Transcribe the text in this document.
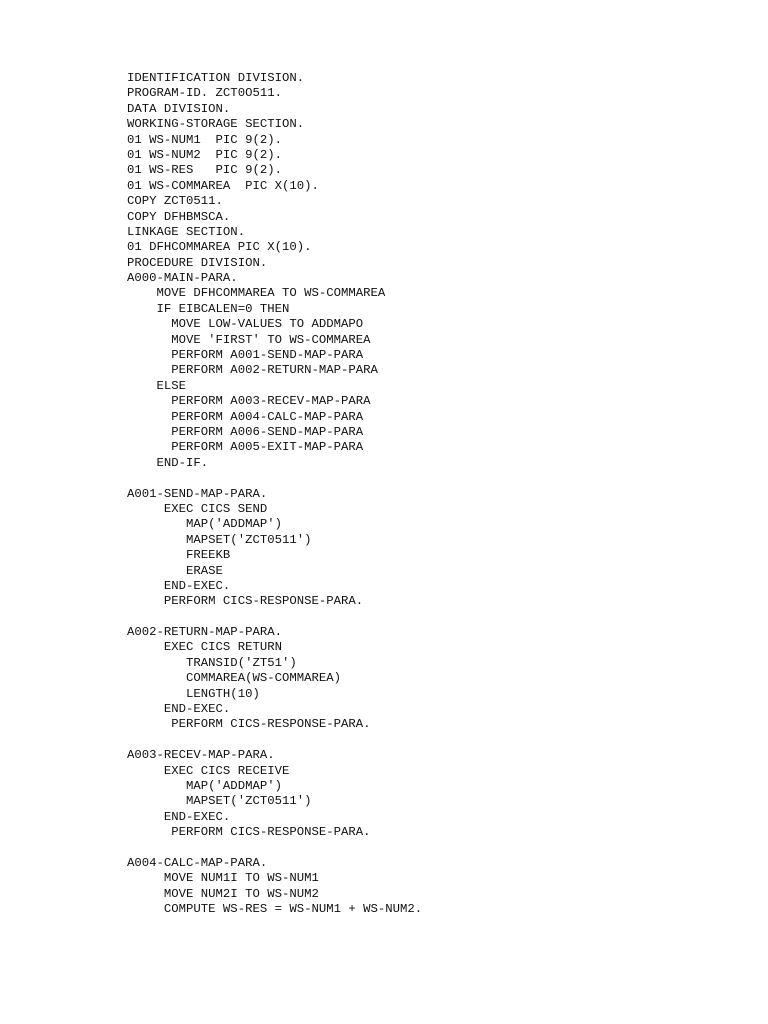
IDENTIFICATION DIVISION.
PROGRAM-ID. ZCT0O511.
DATA DIVISION.
WORKING-STORAGE SECTION.
01 WS-NUM1  PIC 9(2).
01 WS-NUM2  PIC 9(2).
01 WS-RES   PIC 9(2).
01 WS-COMMAREA  PIC X(10).
COPY ZCT0511.
COPY DFHBMSCA.
LINKAGE SECTION.
01 DFHCOMMAREA PIC X(10).
PROCEDURE DIVISION.
A000-MAIN-PARA.
MOVE DFHCOMMAREA TO WS-COMMAREA
IF EIBCALEN=0 THEN
MOVE LOW-VALUES TO ADDMAPO
MOVE 'FIRST' TO WS-COMMAREA
PERFORM A001-SEND-MAP-PARA
PERFORM A002-RETURN-MAP-PARA
ELSE
PERFORM A003-RECEV-MAP-PARA
PERFORM A004-CALC-MAP-PARA
PERFORM A006-SEND-MAP-PARA
PERFORM A005-EXIT-MAP-PARA
END-IF.
A001-SEND-MAP-PARA.
EXEC CICS SEND
MAP('ADDMAP')
MAPSET('ZCT0511')
FREEKB
ERASE
END-EXEC.
PERFORM CICS-RESPONSE-PARA.
A002-RETURN-MAP-PARA.
EXEC CICS RETURN
TRANSID('ZT51')
COMMAREA(WS-COMMAREA)
LENGTH(10)
END-EXEC.
PERFORM CICS-RESPONSE-PARA.
A003-RECEV-MAP-PARA.
EXEC CICS RECEIVE
MAP('ADDMAP')
MAPSET('ZCT0511')
END-EXEC.
PERFORM CICS-RESPONSE-PARA.
A004-CALC-MAP-PARA.
MOVE NUM1I TO WS-NUM1
MOVE NUM2I TO WS-NUM2
COMPUTE WS-RES = WS-NUM1 + WS-NUM2.
